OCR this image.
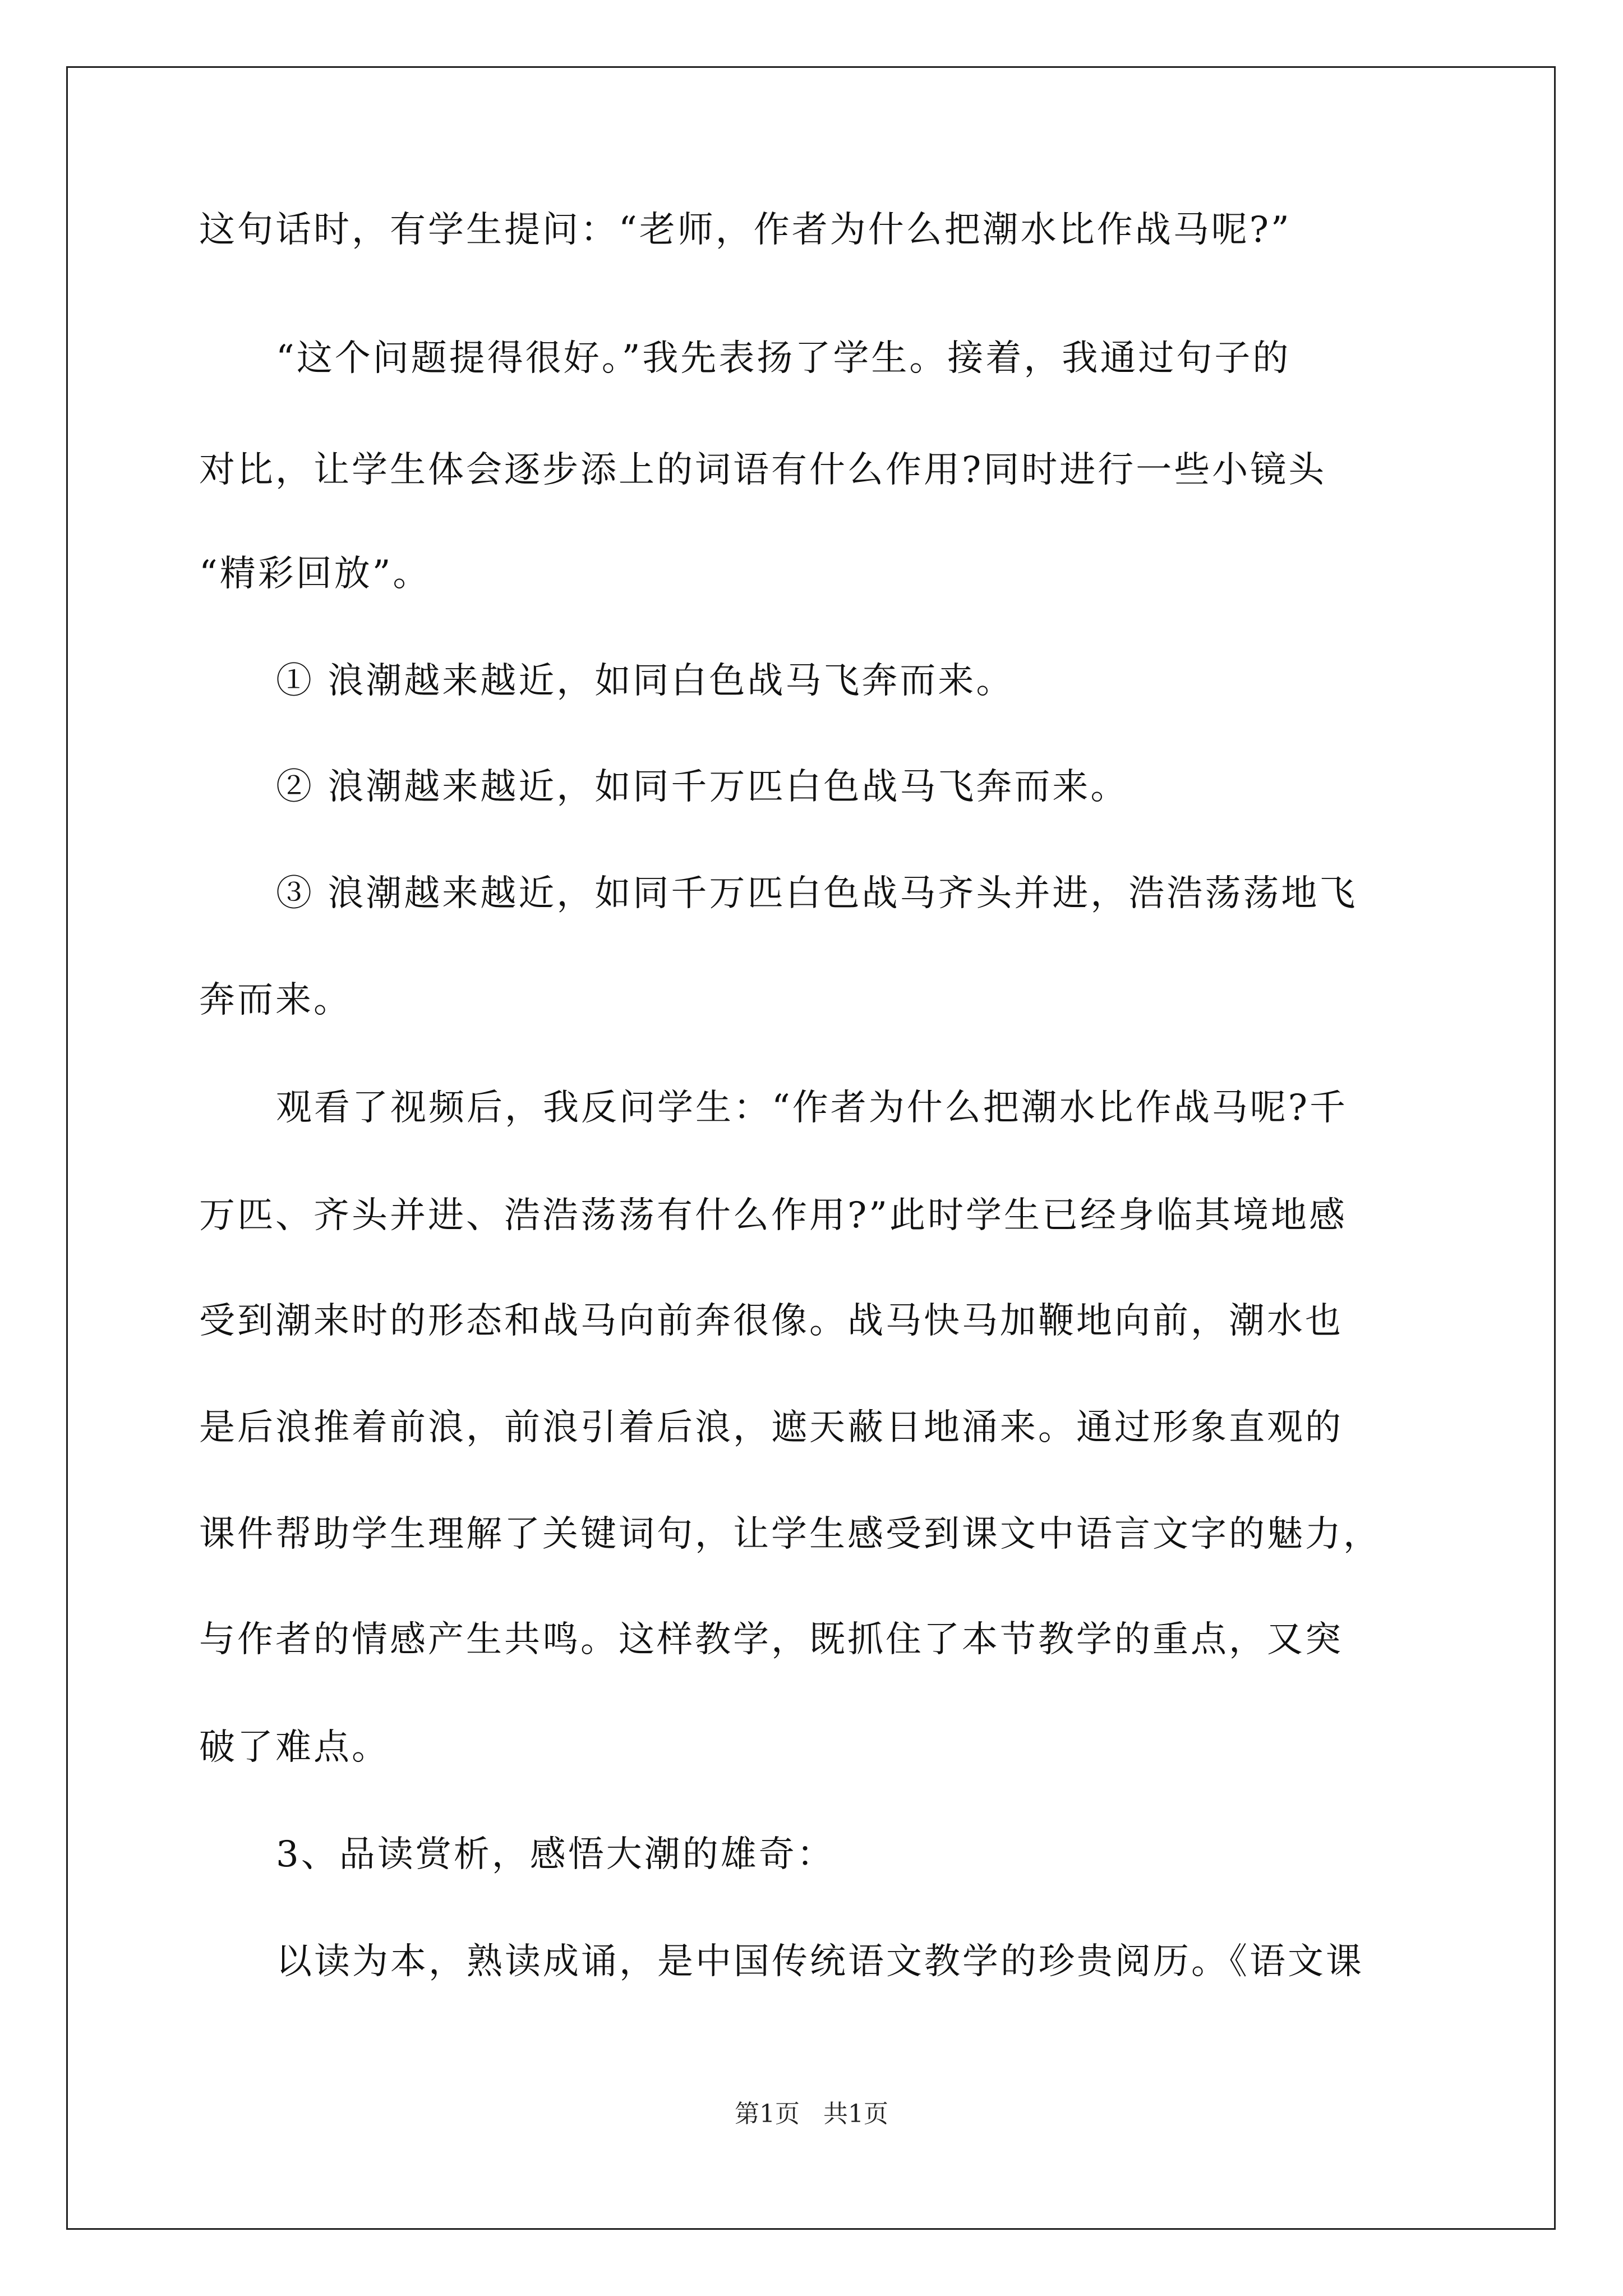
这句话时，有学生提问：“老师，作者为什么把潮水比作战马呢?”
“这个问题提得很好。”我先表扬了学生。接着，我通过句子的
对比，让学生体会逐步添上的词语有什么作用?同时进行一些小镜头
“精彩回放”。
① 浪潮越来越近，如同白色战马飞奔而来。
② 浪潮越来越近，如同千万匹白色战马飞奔而来。
③ 浪潮越来越近，如同千万匹白色战马齐头并进，浩浩荡荡地飞
奔而来。
观看了视频后，我反问学生：“作者为什么把潮水比作战马呢?千
万匹、齐头并进、浩浩荡荡有什么作用?”此时学生已经身临其境地感
受到潮来时的形态和战马向前奔很像。战马快马加鞭地向前，潮水也
是后浪推着前浪，前浪引着后浪，遮天蔽日地涌来。通过形象直观的
课件帮助学生理解了关键词句，让学生感受到课文中语言文字的魅力，
与作者的情感产生共鸣。这样教学，既抓住了本节教学的重点，又突
破了难点。
3、品读赏析，感悟大潮的雄奇：
以读为本，熟读成诵，是中国传统语文教学的珍贵阅历。《语文课
第1页   共1页
